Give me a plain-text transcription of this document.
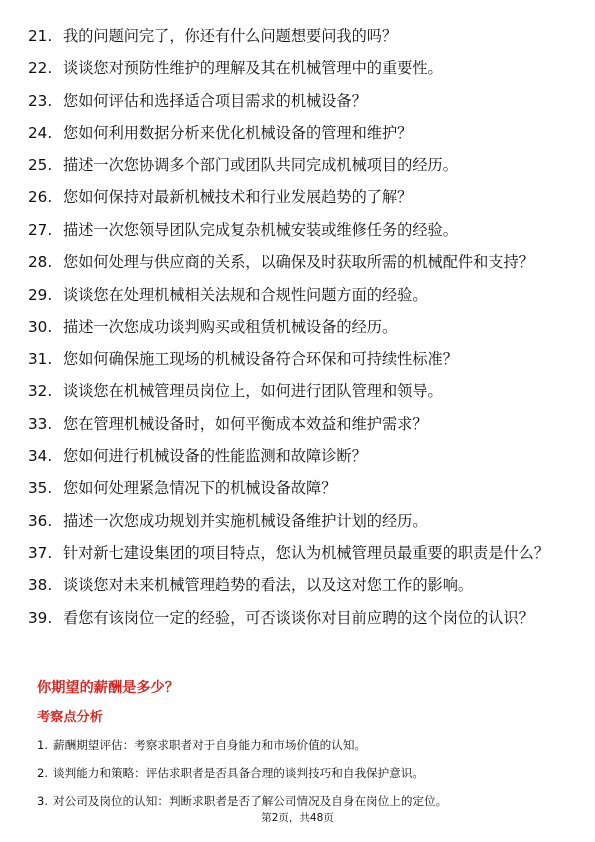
21. 我的问题问完了，你还有什么问题想要问我的吗？
22. 谈谈您对预防性维护的理解及其在机械管理中的重要性。
23. 您如何评估和选择适合项目需求的机械设备？
24. 您如何利用数据分析来优化机械设备的管理和维护？
25. 描述一次您协调多个部门或团队共同完成机械项目的经历。
26. 您如何保持对最新机械技术和行业发展趋势的了解？
27. 描述一次您领导团队完成复杂机械安装或维修任务的经验。
28. 您如何处理与供应商的关系，以确保及时获取所需的机械配件和支持？
29. 谈谈您在处理机械相关法规和合规性问题方面的经验。
30. 描述一次您成功谈判购买或租赁机械设备的经历。
31. 您如何确保施工现场的机械设备符合环保和可持续性标准？
32. 谈谈您在机械管理员岗位上，如何进行团队管理和领导。
33. 您在管理机械设备时，如何平衡成本效益和维护需求？
34. 您如何进行机械设备的性能监测和故障诊断？
35. 您如何处理紧急情况下的机械设备故障？
36. 描述一次您成功规划并实施机械设备维护计划的经历。
37. 针对新七建设集团的项目特点，您认为机械管理员最重要的职责是什么？
38. 谈谈您对未来机械管理趋势的看法，以及这对您工作的影响。
39. 看您有该岗位一定的经验，可否谈谈你对目前应聘的这个岗位的认识？
你期望的薪酬是多少？
考察点分析
1. 薪酬期望评估：考察求职者对于自身能力和市场价值的认知。
2. 谈判能力和策略：评估求职者是否具备合理的谈判技巧和自我保护意识。
3. 对公司及岗位的认知：判断求职者是否了解公司情况及自身在岗位上的定位。
第2页，共48页
